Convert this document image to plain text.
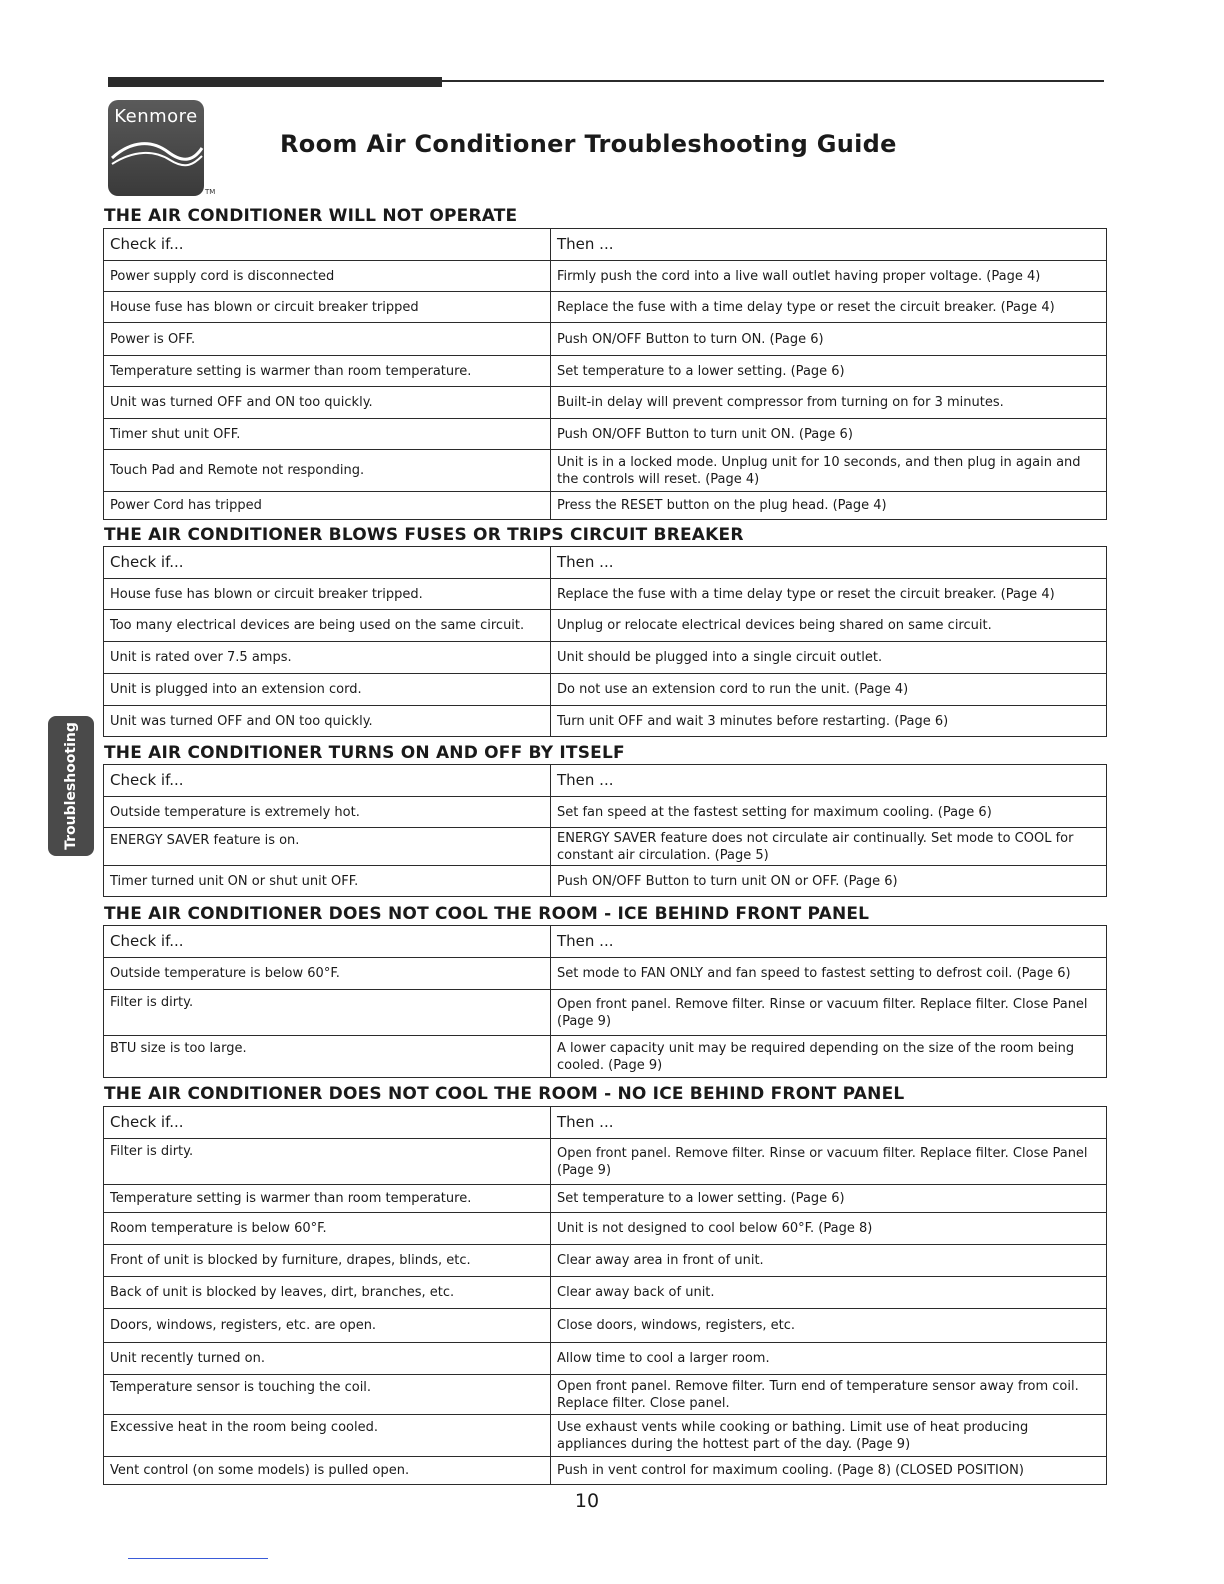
Kenmore
TM
Room Air Conditioner Troubleshooting Guide
THE AIR CONDITIONER WILL NOT OPERATE
Check if...	Then ...
Power supply cord is disconnected	Firmly push the cord into a live wall outlet having proper voltage. (Page 4)
House fuse has blown or circuit breaker tripped	Replace the fuse with a time delay type or reset the circuit breaker. (Page 4)
Power is OFF.	Push ON/OFF Button to turn ON. (Page 6)
Temperature setting is warmer than room temperature.	Set temperature to a lower setting. (Page 6)
Unit was turned OFF and ON too quickly.	Built-in delay will prevent compressor from turning on for 3 minutes.
Timer shut unit OFF.	Push ON/OFF Button to turn unit ON. (Page 6)
Touch Pad and Remote not responding.	Unit is in a locked mode. Unplug unit for 10 seconds, and then plug in again and the controls will reset. (Page 4)
Power Cord has tripped	Press the RESET button on the plug head. (Page 4)
THE AIR CONDITIONER BLOWS FUSES OR TRIPS CIRCUIT BREAKER
Check if...	Then ...
House fuse has blown or circuit breaker tripped.	Replace the fuse with a time delay type or reset the circuit breaker. (Page 4)
Too many electrical devices are being used on the same circuit.	Unplug or relocate electrical devices being shared on same circuit.
Unit is rated over 7.5 amps.	Unit should be plugged into a single circuit outlet.
Unit is plugged into an extension cord.	Do not use an extension cord to run the unit. (Page 4)
Unit was turned OFF and ON too quickly.	Turn unit OFF and wait 3 minutes before restarting. (Page 6)
THE AIR CONDITIONER TURNS ON AND OFF BY ITSELF
Check if...	Then ...
Outside temperature is extremely hot.	Set fan speed at the fastest setting for maximum cooling. (Page 6)
ENERGY SAVER feature is on.	ENERGY SAVER feature does not circulate air continually. Set mode to COOL for constant air circulation. (Page 5)
Timer turned unit ON or shut unit OFF.	Push ON/OFF Button to turn unit ON or OFF. (Page 6)
THE AIR CONDITIONER DOES NOT COOL THE ROOM - ICE BEHIND FRONT PANEL
Check if...	Then ...
Outside temperature is below 60°F.	Set mode to FAN ONLY and fan speed to fastest setting to defrost coil. (Page 6)
Filter is dirty.	Open front panel. Remove filter. Rinse or vacuum filter. Replace filter. Close Panel (Page 9)
BTU size is too large.	A lower capacity unit may be required depending on the size of the room being cooled. (Page 9)
THE AIR CONDITIONER DOES NOT COOL THE ROOM - NO ICE BEHIND FRONT PANEL
Check if...	Then ...
Filter is dirty.	Open front panel. Remove filter. Rinse or vacuum filter. Replace filter. Close Panel (Page 9)
Temperature setting is warmer than room temperature.	Set temperature to a lower setting. (Page 6)
Room temperature is below 60°F.	Unit is not designed to cool below 60°F. (Page 8)
Front of unit is blocked by furniture, drapes, blinds, etc.	Clear away area in front of unit.
Back of unit is blocked by leaves, dirt, branches, etc.	Clear away back of unit.
Doors, windows, registers, etc. are open.	Close doors, windows, registers, etc.
Unit recently turned on.	Allow time to cool a larger room.
Temperature sensor is touching the coil.	Open front panel. Remove filter. Turn end of temperature sensor away from coil. Replace filter. Close panel.
Excessive heat in the room being cooled.	Use exhaust vents while cooking or bathing. Limit use of heat producing appliances during the hottest part of the day. (Page 9)
Vent control (on some models) is pulled open.	Push in vent control for maximum cooling. (Page 8) (CLOSED POSITION)
Troubleshooting
10
